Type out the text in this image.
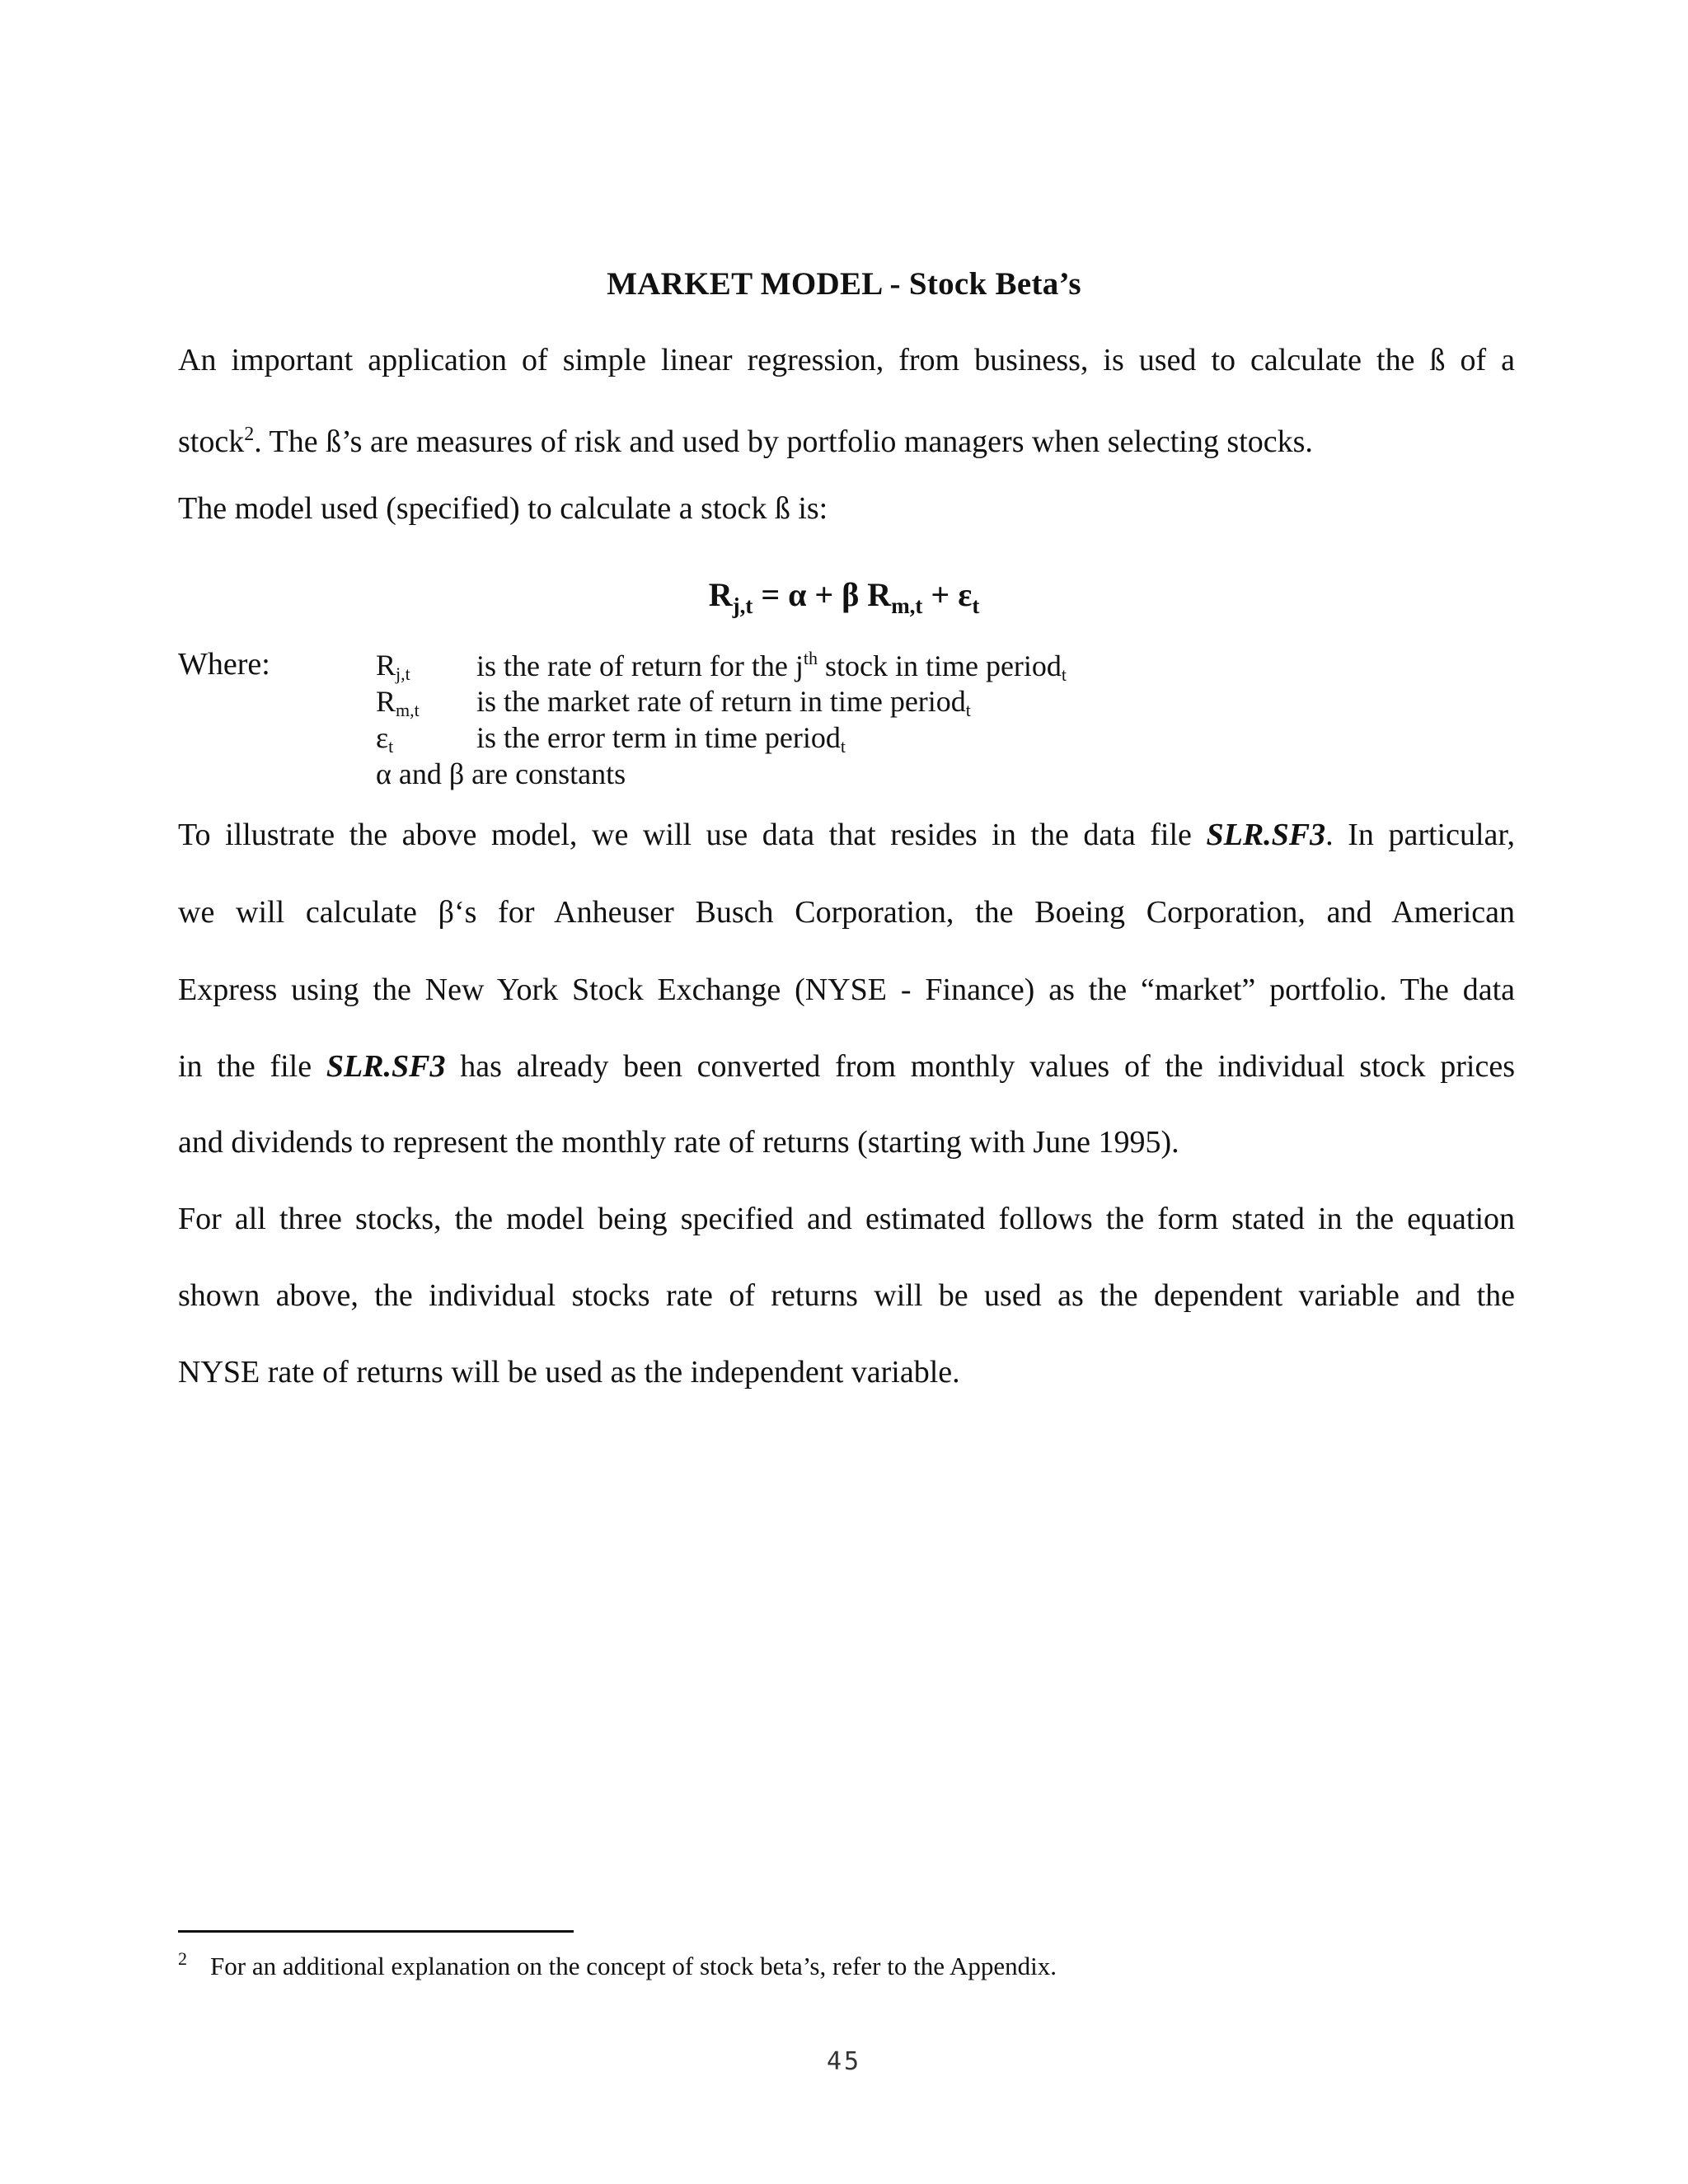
MARKET MODEL - Stock Beta’s
An important application of simple linear regression, from business, is used to calculate the ß of a
stock$^2$. The ß’s are measures of risk and used by portfolio managers when selecting stocks.
The model used (specified) to calculate a stock ß is:
$R_{j,t} = \alpha + \beta$ $R_{m,t} + \varepsilon_t$
Where:	$R_{j,t}$ is the rate of return for the $j^{th}$ stock in time period$_t$
$R_{m,t}$ is the market rate of return in time period$_t$
$\varepsilon_t$	is the error term in time period$_t$
α and β are constants
To illustrate the above model, we will use data that resides in the data file SLR.SF3. In particular,
we will calculate β‘s for Anheuser Busch Corporation, the Boeing Corporation, and American
Express using the New York Stock Exchange (NYSE - Finance) as the “market” portfolio. The data
in the file SLR.SF3 has already been converted from monthly values of the individual stock prices
and dividends to represent the monthly rate of returns (starting with June 1995).
For all three stocks, the model being specified and estimated follows the form stated in the equation
shown above, the individual stocks rate of returns will be used as the dependent variable and the
NYSE rate of returns will be used as the independent variable.
$^2$ For an additional explanation on the concept of stock beta’s, refer to the Appendix.
45
